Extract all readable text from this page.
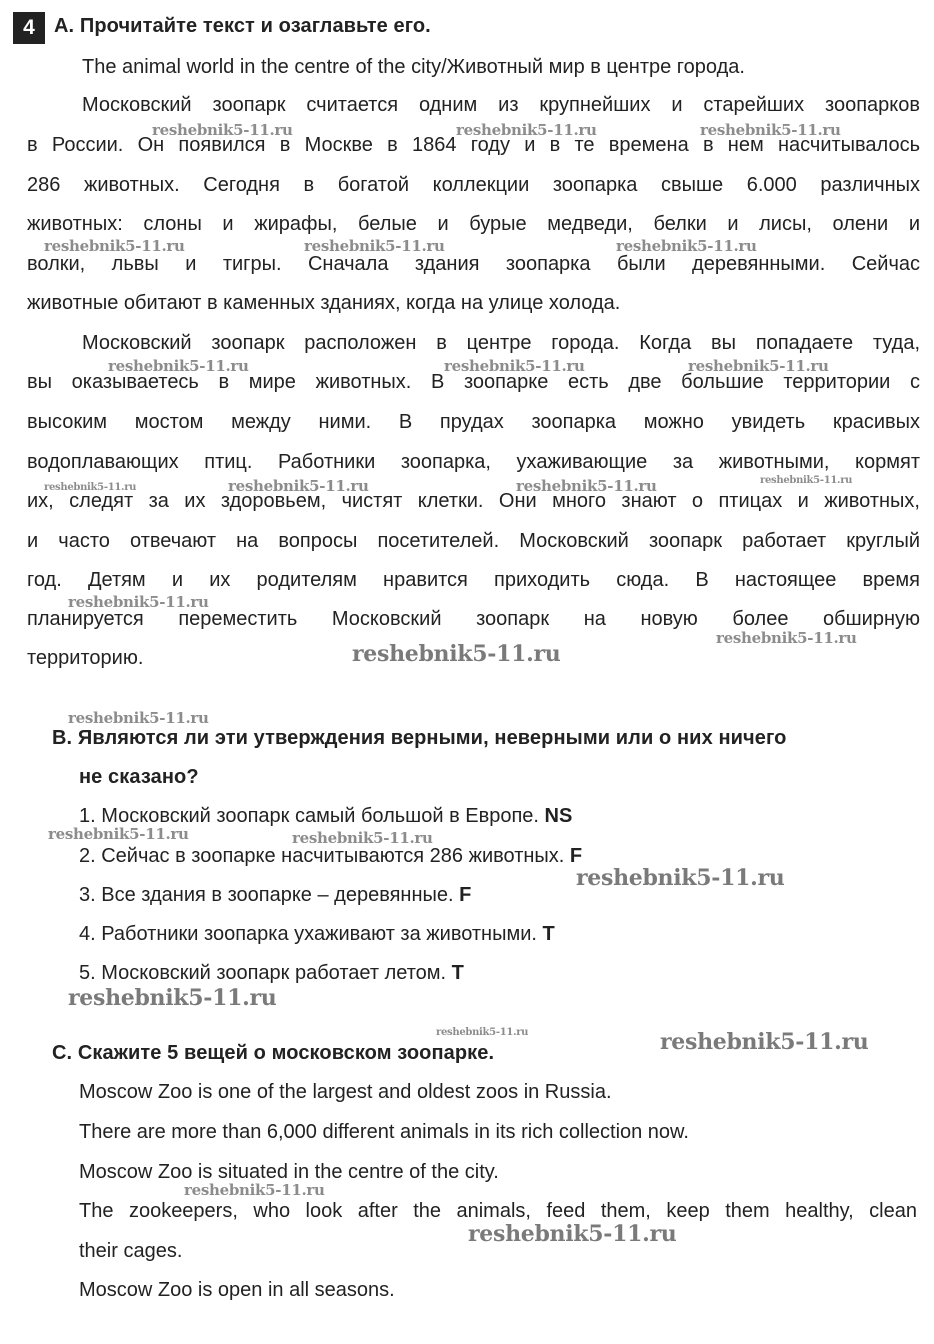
4 A. Прочитайте текст и озаглавьте его.
The animal world in the centre of the city/Животный мир в центре города.
Московский зоопарк считается одним из крупнейших и старейших зоопарков
в России. Он появился в Москве в 1864 году и в те времена в нем насчитывалось
286 животных. Сегодня в богатой коллекции зоопарка свыше 6.000 различных
животных: слоны и жирафы, белые и бурые медведи, белки и лисы, олени и
волки, львы и тигры. Сначала здания зоопарка были деревянными. Сейчас
животные обитают в каменных зданиях, когда на улице холода.
Московский зоопарк расположен в центре города. Когда вы попадаете туда,
вы оказываетесь в мире животных. В зоопарке есть две большие территории с
высоким мостом между ними. В прудах зоопарка можно увидеть красивых
водоплавающих птиц. Работники зоопарка, ухаживающие за животными, кормят
их, следят за их здоровьем, чистят клетки. Они много знают о птицах и животных,
и часто отвечают на вопросы посетителей. Московский зоопарк работает круглый
год. Детям и их родителям нравится приходить сюда. В настоящее время
планируется переместить Московский зоопарк на новую более обширную
территорию.
B. Являются ли эти утверждения верными, неверными или о них ничего
не сказано?
1. Московский зоопарк самый большой в Европе. NS
2. Сейчас в зоопарке насчитываются 286 животных. F
3. Все здания в зоопарке – деревянные. F
4. Работники зоопарка ухаживают за животными. T
5. Московский зоопарк работает летом. T
C. Скажите 5 вещей о московском зоопарке.
Moscow Zoo is one of the largest and oldest zoos in Russia.
There are more than 6,000 different animals in its rich collection now.
Moscow Zoo is situated in the centre of the city.
The zookeepers, who look after the animals, feed them, keep them healthy, clean
their cages.
Moscow Zoo is open in all seasons.
reshebnik5-11.ru	reshebnik5-11.ru	reshebnik5-11.ru
reshebnik5-11.ru	reshebnik5-11.ru	reshebnik5-11.ru
reshebnik5-11.ru	reshebnik5-11.ru	reshebnik5-11.ru
reshebnik5-11.ru	reshebnik5-11.ru	reshebnik5-11.ru	reshebnik5-11.ru
reshebnik5-11.ru
reshebnik5-11.ru
reshebnik5-11.ru
reshebnik5-11.ru
reshebnik5-11.ru	reshebnik5-11.ru
reshebnik5-11.ru
reshebnik5-11.ru
reshebnik5-11.ru	reshebnik5-11.ru
reshebnik5-11.ru
reshebnik5-11.ru
